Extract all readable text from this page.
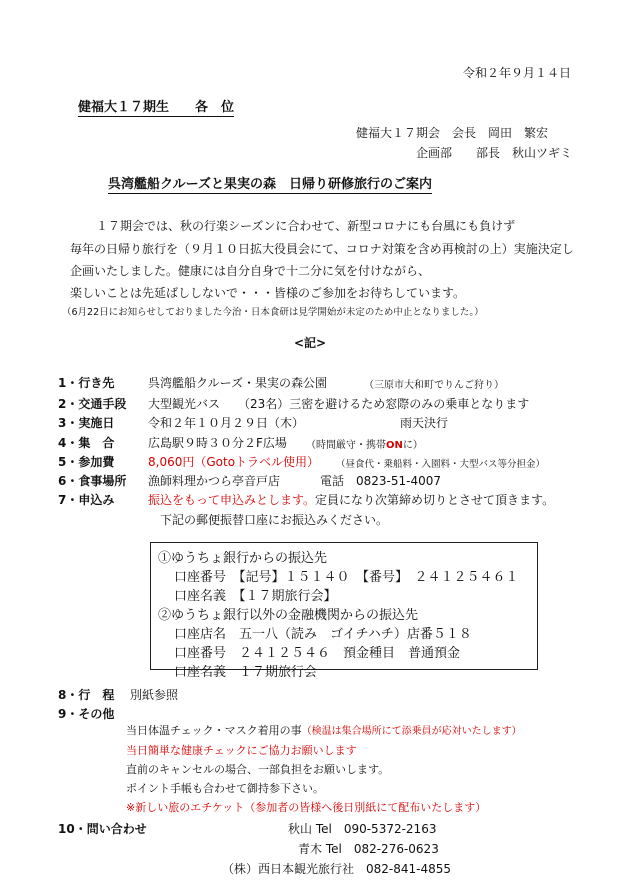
令和２年９月１４日
健福大１７期生　　各　位
健福大１７期会　会長　岡田　繁宏
企画部　　部長　秋山ツギミ
呉湾艦船クルーズと果実の森　日帰り研修旅行のご案内
１７期会では、秋の行楽シーズンに合わせて、新型コロナにも台風にも負けず
毎年の日帰り旅行を（９月１０日拡大役員会にて、コロナ対策を含め再検討の上）実施決定し
企画いたしました。健康には自分自身で十二分に気を付けながら、
楽しいことは先延ばししないで・・・皆様のご参加をお待ちしています。
（6月22日にお知らせしておりました今治・日本食研は見学開始が未定のため中止となりました。）
<記>
1・行き先	呉湾艦船クルーズ・果実の森公園	（三原市大和町でりんご狩り）
2・交通手段 大型観光バス　　（23名）三密を避けるため窓際のみの乗車となります
3・実施日	令和２年１０月２９日（木）	雨天決行
4・集　合	広島駅９時３０分２F広場 （時間厳守・携帯ONに）
5・参加費	8,060円（Gotoトラベル使用） （昼食代・乗船料・入園料・大型バス等分担金）
6・食事場所 漁師料理かつら亭音戸店	電話　0823-51-4007
7・申込み	振込をもって申込みとします。定員になり次第締め切りとさせて頂きます。
下記の郵便振替口座にお振込みください。
①ゆうちょ銀行からの振込先
口座番号　【記号】１５１４０　【番号】　２４１２５４６１
口座名義　【１７期旅行会】
②ゆうちょ銀行以外の金融機関からの振込先
口座店名　五一八（読み　ゴイチハチ）店番５１８
口座番号　２４１２５４６　預金種目　普通預金
口座名義　１７期旅行会
8・行　程 別紙参照
9・その他
当日体温チェック・マスク着用の事（検温は集合場所にて添乗員が応対いたします）
当日簡単な健康チェックにご協力お願いします
直前のキャンセルの場合、一部負担をお願いします。
ポイント手帳も合わせて御持参下さい。
※新しい旅のエチケット（参加者の皆様へ後日別紙にて配布いたします）
10・問い合わせ	秋山 Tel　090-5372-2163
青木 Tel　082-276-0623
（株）西日本観光旅行社　082-841-4855
